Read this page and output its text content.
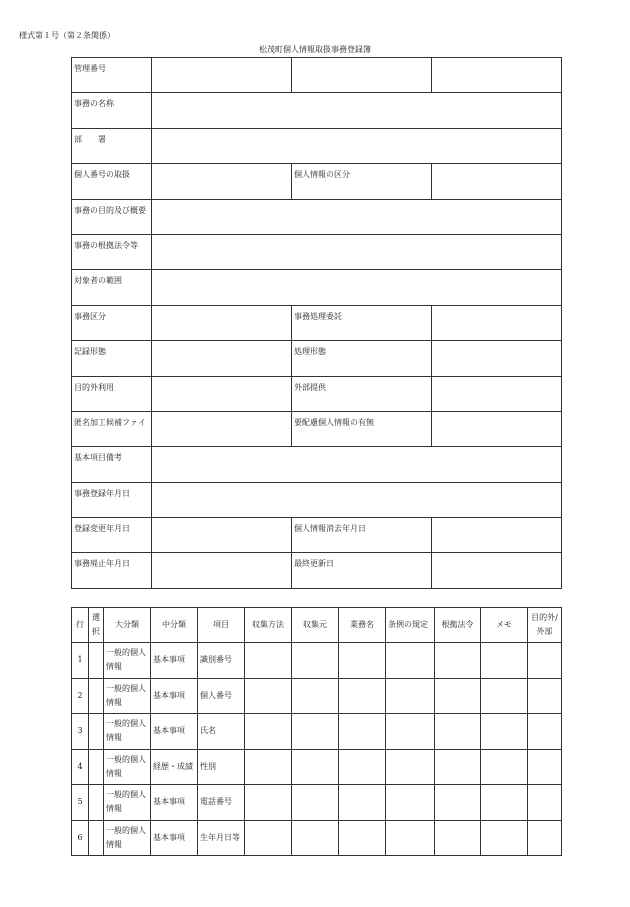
様式第１号（第２条関係）
松茂町個人情報取扱事務登録簿
管理番号			
事務の名称			
部　署			
個人番号の取扱		個人情報の区分	
事務の目的及び概要			
事務の根拠法令等			
対象者の範囲			
事務区分		事務処理委託	
記録形態		処理形態	
目的外利用		外部提供	
匿名加工候補ファイ		要配慮個人情報の有無	
基本項目備考			
事務登録年月日			
登録変更年月日		個人情報消去年月日	
事務廃止年月日		最終更新日	
行	選択	大分類	中分類	項目	収集方法	収集元	業務名	条例の規定	根拠法令	メモ	目的外/外部
1		一般的個人情報	基本事項	識別番号							
2		一般的個人情報	基本事項	個人番号							
3		一般的個人情報	基本事項	氏名							
4		一般的個人情報	経歴・成績	性別							
5		一般的個人情報	基本事項	電話番号							
6		一般的個人情報	基本事項	生年月日等							
